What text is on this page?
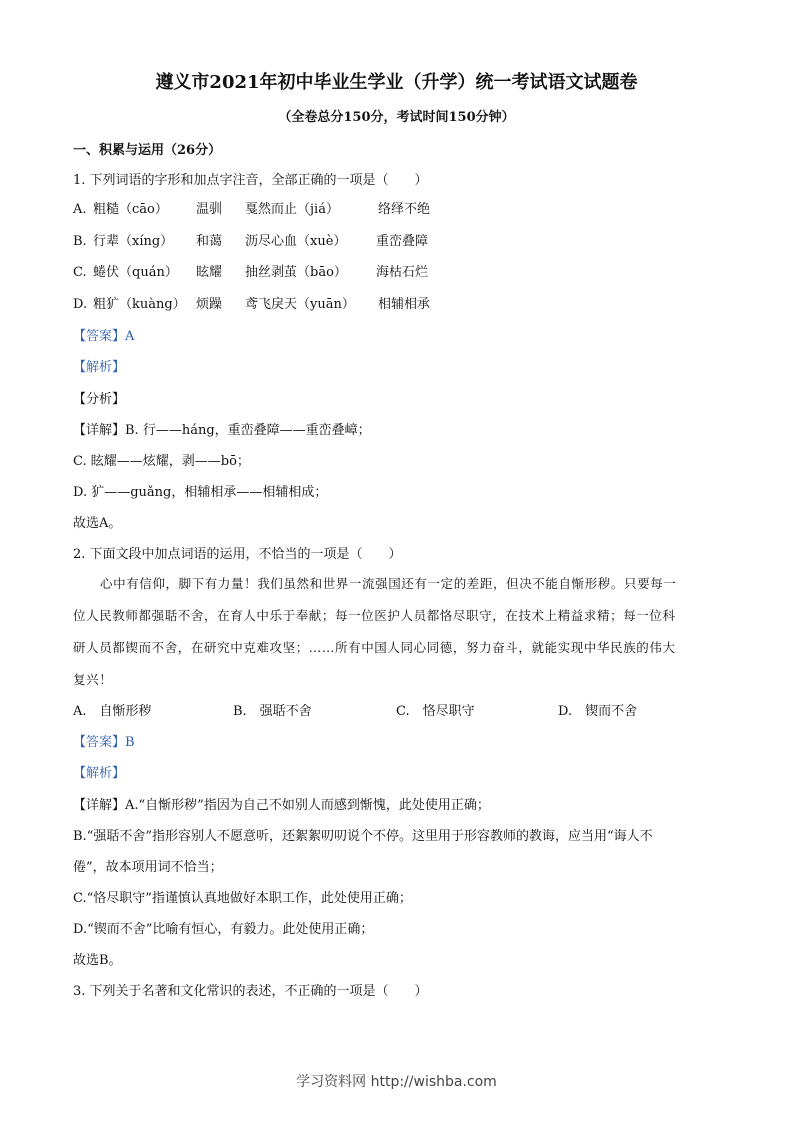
遵义市2021年初中毕业生学业（升学）统一考试语文试题卷
（全卷总分150分，考试时间150分钟）
一、积累与运用（26分）
1. 下列词语的字形和加点字注音，全部正确的一项是（　　）
A. 粗糙（cāo） 温驯 戛然而止（jiá）	络绎不绝
B. 行辈（xíng） 和蔼 沥尽心血（xuè） 重峦叠障
C. 蜷伏（quán） 眩耀 抽丝剥茧（bāo） 海枯石烂
D. 粗犷（kuàng） 烦躁 鸢飞戾天（yuān） 相辅相承
【答案】A
【解析】
【分析】
【详解】B. 行——háng，重峦叠障——重峦叠嶂；
C. 眩耀——炫耀，剥——bō；
D. 犷——guǎng，相辅相承——相辅相成；
故选A。
2. 下面文段中加点词语的运用，不恰当的一项是（　　）
心中有信仰，脚下有力量！我们虽然和世界一流强国还有一定的差距，但决不能自惭形秽。只要每一
位人民教师都强聒不舍，在育人中乐于奉献；每一位医护人员都恪尽职守，在技术上精益求精；每一位科
研人员都锲而不舍，在研究中克难攻坚；……所有中国人同心同德，努力奋斗，就能实现中华民族的伟大
复兴！
A.　自惭形秽	B.　强聒不舍	C.　恪尽职守	D.　锲而不舍
【答案】B
【解析】
【详解】A.“自惭形秽”指因为自己不如别人而感到惭愧，此处使用正确；
B.“强聒不舍”指形容别人不愿意听，还絮絮叨叨说个不停。这里用于形容教师的教诲，应当用“诲人不
倦”，故本项用词不恰当；
C.“恪尽职守”指谨慎认真地做好本职工作，此处使用正确；
D.“锲而不舍”比喻有恒心，有毅力。此处使用正确；
故选B。
3. 下列关于名著和文化常识的表述，不正确的一项是（　　）
学习资料网 http://wishba.com
